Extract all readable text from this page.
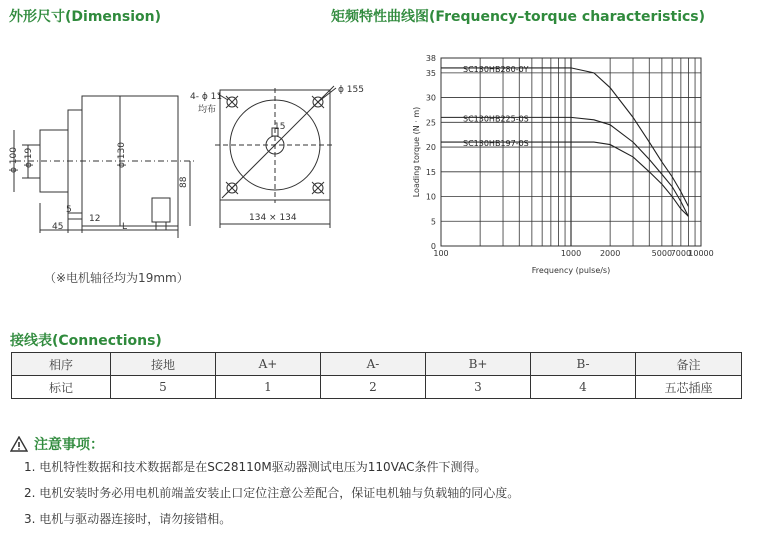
外形尺寸(Dimension)	矩频特性曲线图(Frequency–torque characteristics)
ϕ 100 ϕ 19	ϕ 130
88
5
12
45	L
4- ϕ 11
均布
ϕ 155
15
134 × 134
（※电机轴径均为19mm）
0
5
10
15
20
25
30
35
38
100	1000 2000	5000
7000
10000
Frequency (pulse/s)
Loading torque (N · m)
SC130HB280-0Y
SC130HB225-0S
SC130HB197-0S
接线表(Connections)
相序	接地	A+	A-	B+	B-	备注
标记	5	1	2	3	4	五芯插座
注意事项：
1. 电机特性数据和技术数据都是在SC28110M驱动器测试电压为110VAC条件下测得。
2. 电机安装时务必用电机前端盖安装止口定位注意公差配合，保证电机轴与负载轴的同心度。
3. 电机与驱动器连接时，请勿接错相。
